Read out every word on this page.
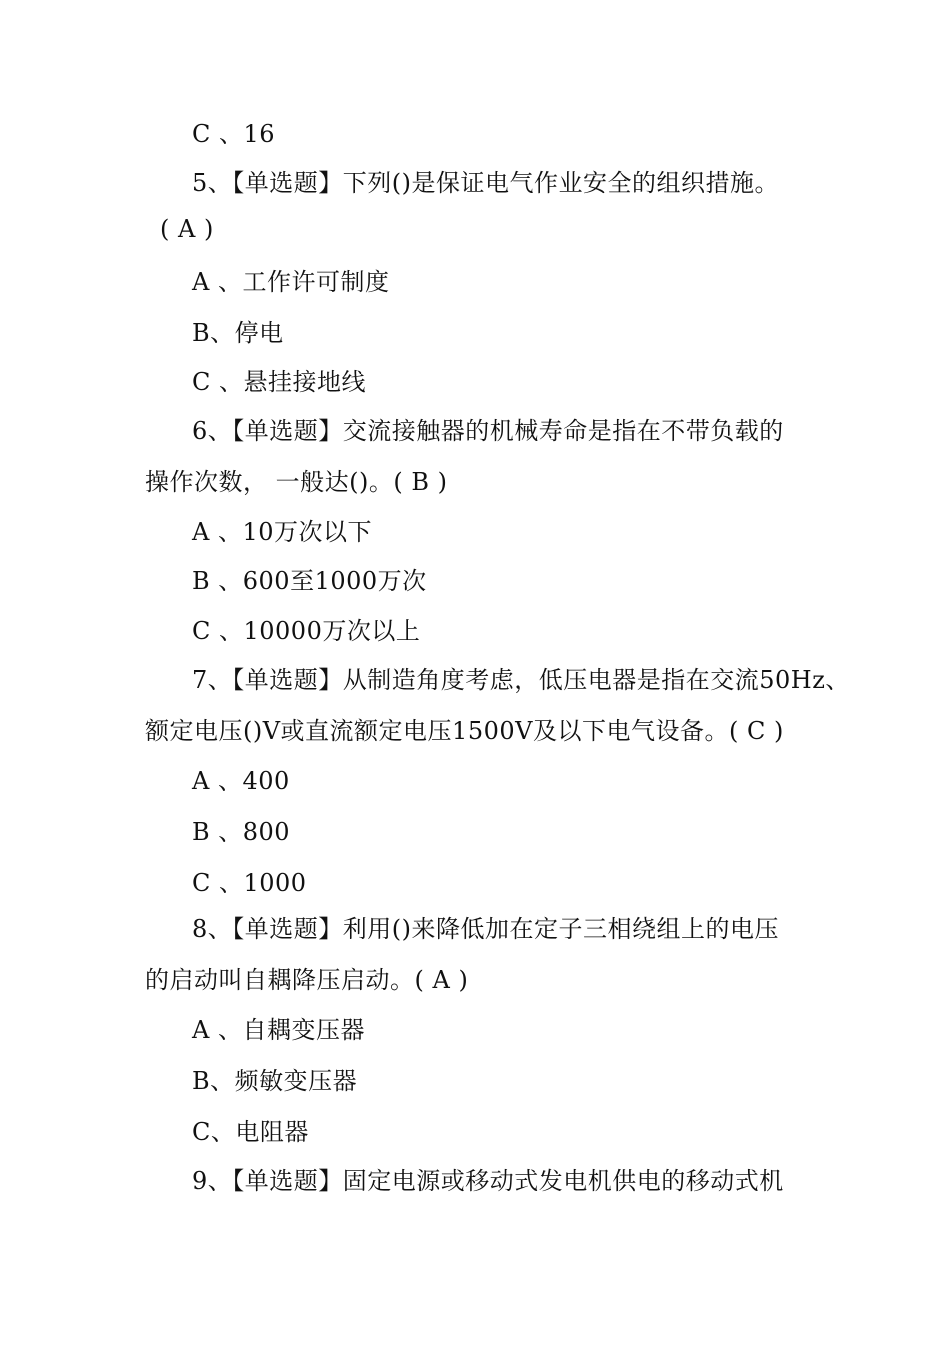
C 、16
5、【单选题】下列()是保证电气作业安全的组织措施。
( A )
A 、工作许可制度
B、停电
C 、悬挂接地线
6、【单选题】交流接触器的机械寿命是指在不带负载的
操作次数， 一般达()。( B )
A 、10万次以下
B 、600至1000万次
C 、10000万次以上
7、【单选题】从制造角度考虑，低压电器是指在交流50Hz、
额定电压()V或直流额定电压1500V及以下电气设备。( C )
A 、400
B 、800
C 、1000
8、【单选题】利用()来降低加在定子三相绕组上的电压
的启动叫自耦降压启动。( A )
A 、自耦变压器
B、频敏变压器
C、电阻器
9、【单选题】固定电源或移动式发电机供电的移动式机
